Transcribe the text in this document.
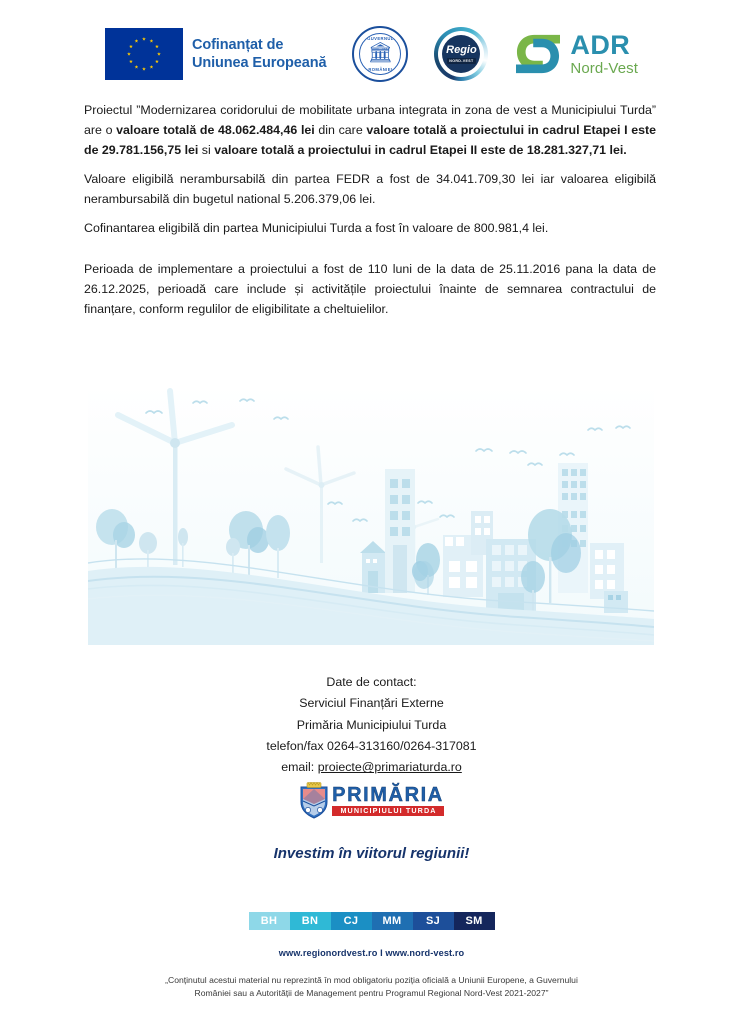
Cofinanțat de
Uniunea Europeană
GUVERNUL
🏛
ROMÂNIEI
Regio
NORD-VEST
ADR
Nord-Vest

Proiectul ”Modernizarea coridorului de mobilitate urbana integrata in zona de vest a Municipiului Turda” are o valoare totală de 48.062.484,46 lei din care valoare totală a proiectului in cadrul Etapei I este de 29.781.156,75 lei si valoare totală a proiectului in cadrul Etapei II este de 18.281.327,71 lei.

Valoare eligibilă nerambursabilă din partea FEDR a fost de 34.041.709,30 lei iar valoarea eligibilă nerambursabilă din bugetul national 5.206.379,06 lei.

Cofinantarea eligibilă din partea Municipiului Turda a fost în valoare de 800.981,4 lei.

Perioada de implementare a proiectului a fost de 110 luni de la data de 25.11.2016 pana la data de 26.12.2025, perioadă care include și activitățile proiectului înainte de semnarea contractului de finanțare, conform regulilor de eligibilitate a cheltuielilor.

Date de contact:
Serviciul Finanțări Externe
Primăria Municipiului Turda
telefon/fax 0264-313160/0264-317081
email: proiecte@primariaturda.ro
PRIMĂRIA
MUNICIPIULUI TURDA
Investim în viitorul regiunii!
BH	BN	CJ	MM	SJ	SM
www.regionordvest.ro I www.nord-vest.ro
„Conținutul acestui material nu reprezintă în mod obligatoriu poziția oficială a Uniunii Europene, a Guvernului
României sau a Autorității de Management pentru Programul Regional Nord-Vest 2021-2027”
